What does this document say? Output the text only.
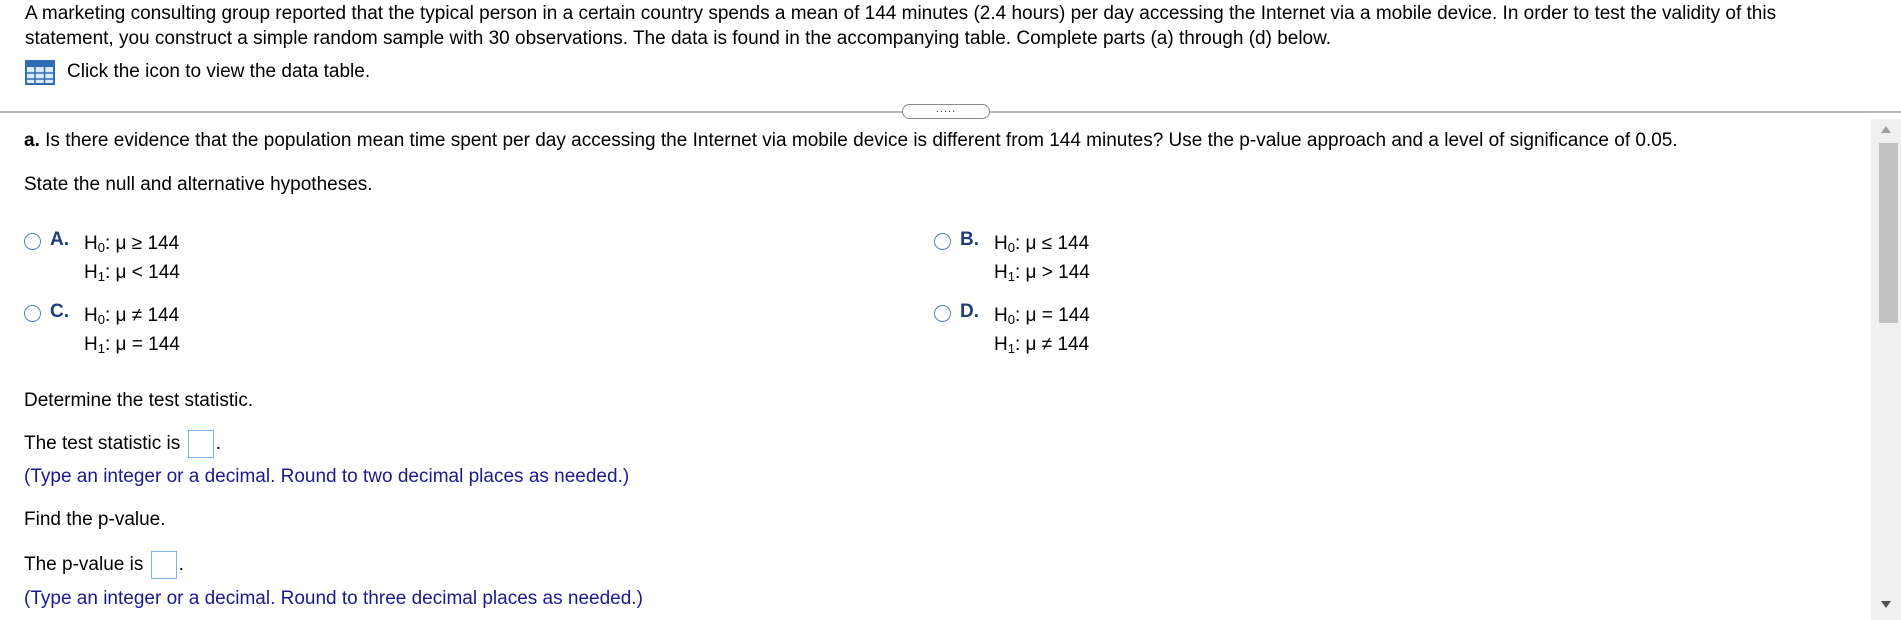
A marketing consulting group reported that the typical person in a certain country spends a mean of 144 minutes (2.4 hours) per day accessing the Internet via a mobile device. In order to test the validity of this

statement, you construct a simple random sample with 30 observations. The data is found in the accompanying table. Complete parts (a) through (d) below.

Click the icon to view the data table.
.....
a. Is there evidence that the population mean time spent per day accessing the Internet via mobile device is different from 144 minutes? Use the p-value approach and a level of significance of 0.05.
State the null and alternative hypotheses.
A. $H_0$: μ ≥ 144
$H_1$: μ < 144
B. $H_0$: μ ≤ 144
$H_1$: μ > 144
C. $H_0$: μ ≠ 144
$H_1$: μ = 144
D. $H_0$: μ = 144
$H_1$: μ ≠ 144
Determine the test statistic.
The test statistic is .
(Type an integer or a decimal. Round to two decimal places as needed.)
Find the p-value.
The p-value is .
(Type an integer or a decimal. Round to three decimal places as needed.)
